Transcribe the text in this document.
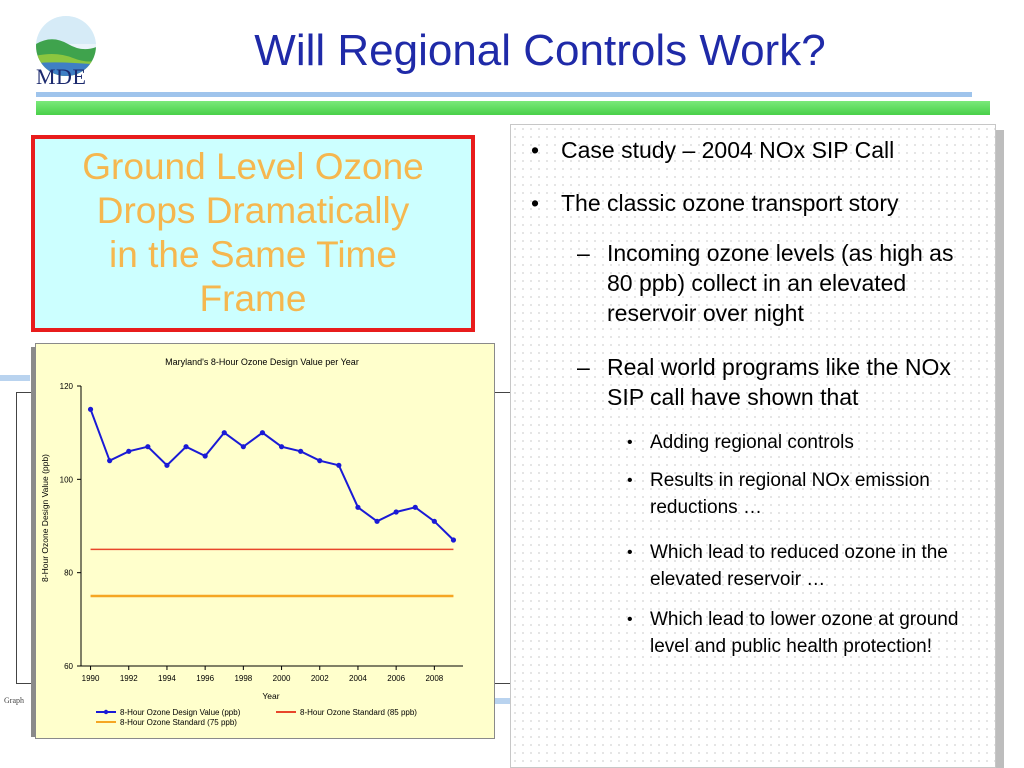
MDE
Will Regional Controls Work?
Ground Level Ozone
Drops Dramatically
in the Same Time
Frame
Graph
Maryland's 8-Hour Ozone Design Value per Year
8-Hour Ozone Design Value (ppb)
Year
60
80
100
120
1990	1992	1994	1996	1998	2000	2002	2004	2006	2008
8-Hour Ozone Design Value (ppb)	8-Hour Ozone Standard (85 ppb)
8-Hour Ozone Standard (75 ppb)
• Case study – 2004 NOx SIP Call
• The classic ozone transport story
– Incoming ozone levels (as high as 80 ppb) collect in an elevated reservoir over night
– Real world programs like the NOx SIP call have shown that
• Adding regional controls
• Results in regional NOx emission reductions …
• Which lead to reduced ozone in the elevated reservoir …
• Which lead to lower ozone at ground level and public health protection!
